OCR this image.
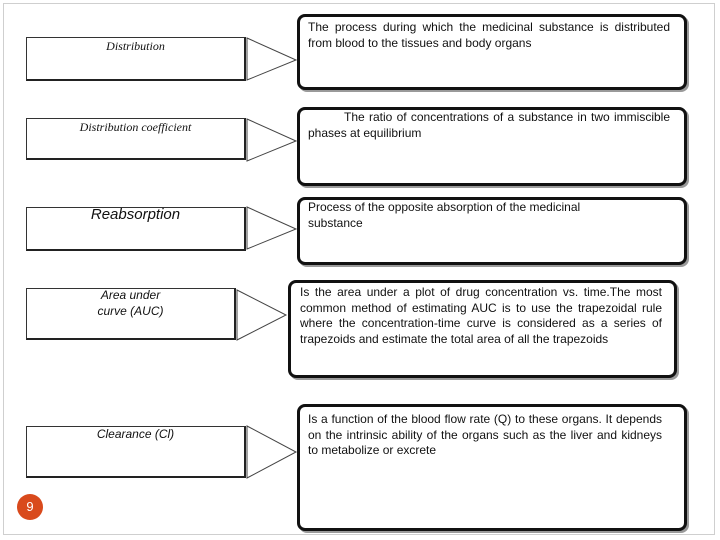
Distribution
The process during which the medicinal substance is distributed from blood to the tissues and body organs
Distribution coefficient
The ratio of concentrations of a substance in two immiscible phases at equilibrium
Reabsorption	Process of the opposite absorption of the medicinal substance
Area under
curve (AUC)
Is the area under a plot of drug concentration vs. time.The most common method of estimating AUC is to use the trapezoidal rule where the concentration-time curve is considered as a series of trapezoids and estimate the total area of all the trapezoids
Clearance (Cl)
Is a function of the blood flow rate (Q) to these organs. It depends on the intrinsic ability of the organs such as the liver and kidneys to metabolize or excrete
9
